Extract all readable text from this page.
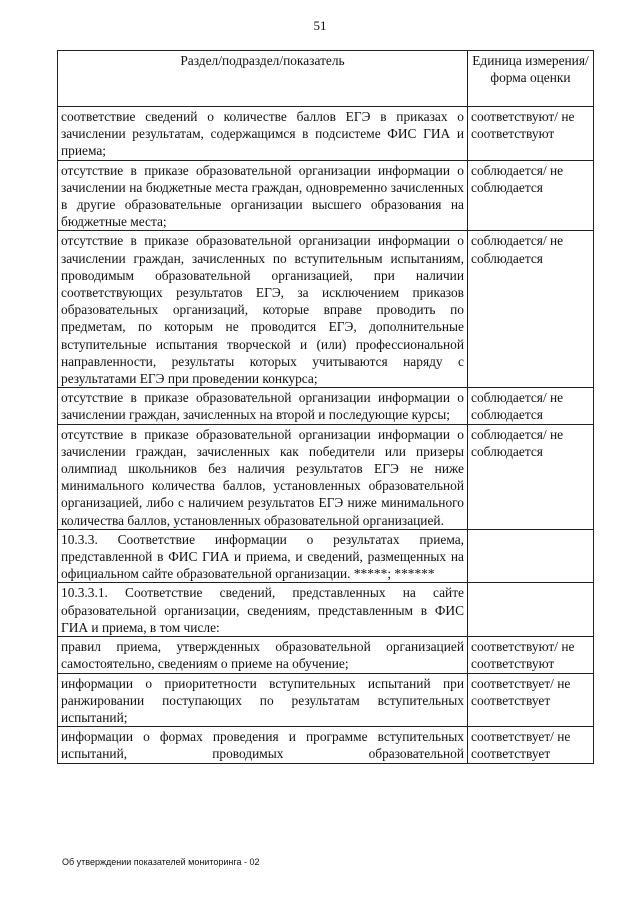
51
Раздел/подраздел/показатель	Единица измерения/ форма оценки
соответствие сведений о количестве баллов ЕГЭ в приказах о зачислении результатам, содержащимся в подсистеме ФИС ГИА и приема;	соответствуют/ не соответствуют
отсутствие в приказе образовательной организации информации о зачислении на бюджетные места граждан, одновременно зачисленных в другие образовательные организации высшего образования на бюджетные места;	соблюдается/ не соблюдается
отсутствие в приказе образовательной организации информации о зачислении граждан, зачисленных по вступительным испытаниям, проводимым образовательной организацией, при наличии соответствующих результатов ЕГЭ, за исключением приказов образовательных организаций, которые вправе проводить по предметам, по которым не проводится ЕГЭ, дополнительные вступительные испытания творческой и (или) профессиональной направленности, результаты которых учитываются наряду с результатами ЕГЭ при проведении конкурса;	соблюдается/ не соблюдается
отсутствие в приказе образовательной организации информации о зачислении граждан, зачисленных на второй и последующие курсы;	соблюдается/ не соблюдается
отсутствие в приказе образовательной организации информации о зачислении граждан, зачисленных как победители или призеры олимпиад школьников без наличия результатов ЕГЭ не ниже минимального количества баллов, установленных образовательной организацией, либо с наличием результатов ЕГЭ ниже минимального количества баллов, установленных образовательной организацией.	соблюдается/ не соблюдается
10.3.3. Соответствие информации о результатах приема, представленной в ФИС ГИА и приема, и сведений, размещенных на официальном сайте образовательной организации. *****; ******	
10.3.3.1. Соответствие сведений, представленных на сайте образовательной организации, сведениям, представленным в ФИС ГИА и приема, в том числе:	
правил приема, утвержденных образовательной организацией самостоятельно, сведениям о приеме на обучение;	соответствуют/ не соответствуют
информации о приоритетности вступительных испытаний при ранжировании поступающих по результатам вступительных испытаний;	соответствует/ не соответствует
информации о формах проведения и программе вступительных испытаний, проводимых образовательной	соответствует/ не соответствует
Об утверждении показателей мониторинга - 02
